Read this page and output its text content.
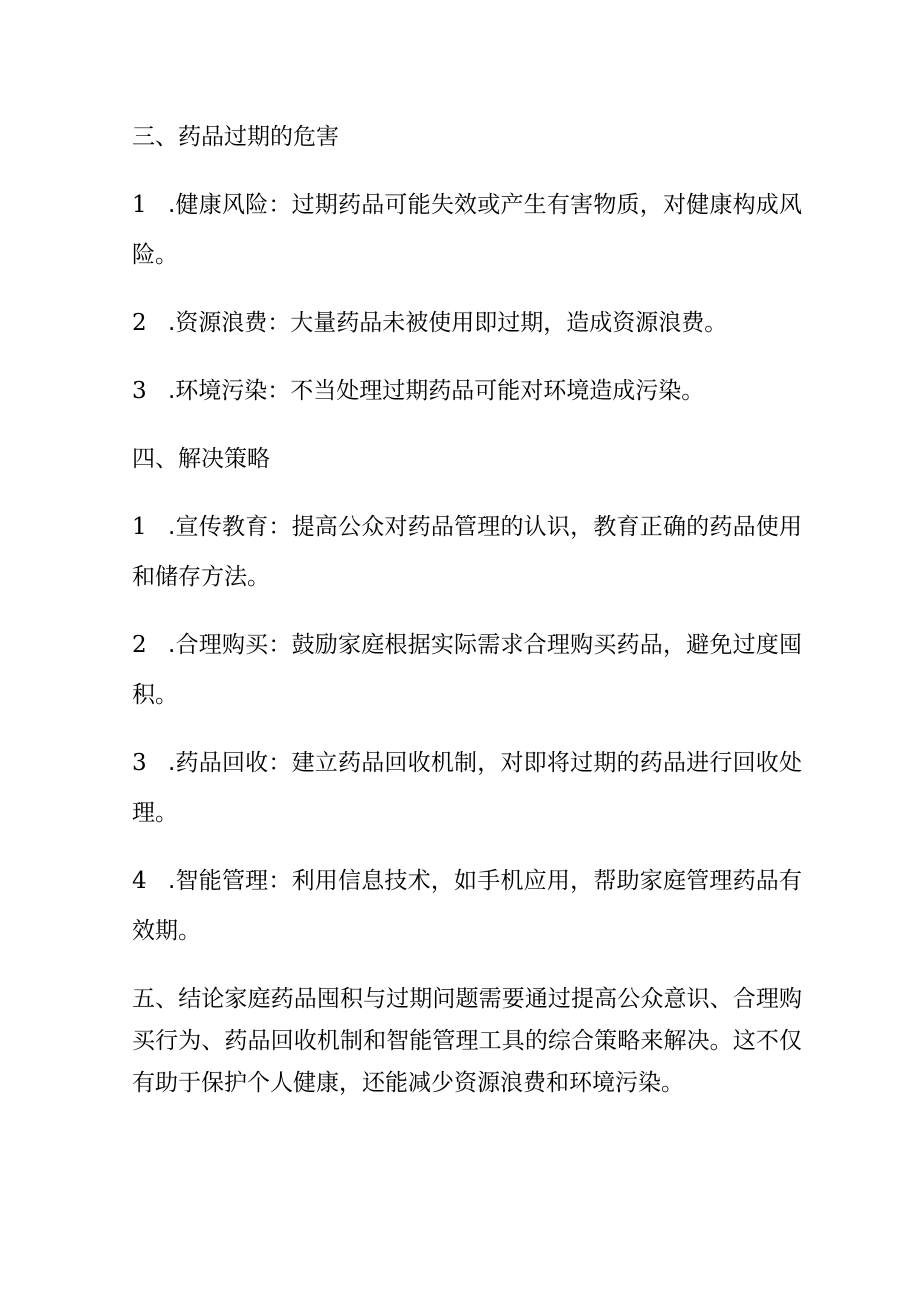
三、药品过期的危害

1 .健康风险：过期药品可能失效或产生有害物质，对健康构成风险。

2 .资源浪费：大量药品未被使用即过期，造成资源浪费。

3 .环境污染：不当处理过期药品可能对环境造成污染。

四、解决策略

1 .宣传教育：提高公众对药品管理的认识，教育正确的药品使用和储存方法。

2 .合理购买：鼓励家庭根据实际需求合理购买药品，避免过度囤积。

3 .药品回收：建立药品回收机制，对即将过期的药品进行回收处理。

4 .智能管理：利用信息技术，如手机应用，帮助家庭管理药品有效期。

五、结论家庭药品囤积与过期问题需要通过提高公众意识、合理购买行为、药品回收机制和智能管理工具的综合策略来解决。这不仅有助于保护个人健康，还能减少资源浪费和环境污染。
